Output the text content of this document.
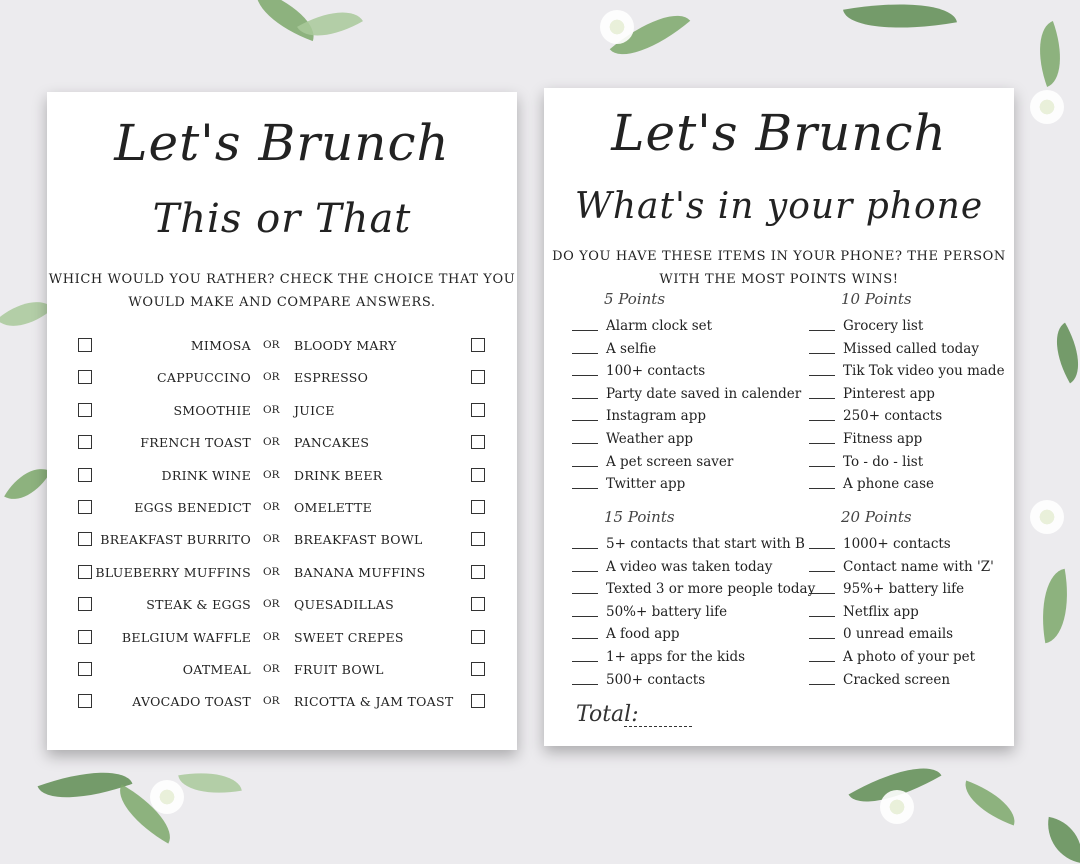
Let's Brunch
This or That
WHICH WOULD YOU RATHER? CHECK THE CHOICE THAT YOU
WOULD MAKE AND COMPARE ANSWERS.
MIMOSA OR BLOODY MARY
CAPPUCCINO OR ESPRESSO
SMOOTHIE OR JUICE
FRENCH TOAST OR PANCAKES
DRINK WINE OR DRINK BEER
EGGS BENEDICT OR OMELETTE
BREAKFAST BURRITO OR BREAKFAST BOWL
BLUEBERRY MUFFINS OR BANANA MUFFINS
STEAK & EGGS OR QUESADILLAS
BELGIUM WAFFLE OR SWEET CREPES
OATMEAL OR FRUIT BOWL
AVOCADO TOAST OR RICOTTA & JAM TOAST
Let's Brunch
What's in your phone
DO YOU HAVE THESE ITEMS IN YOUR PHONE? THE PERSON
WITH THE MOST POINTS WINS!
5 Points
Alarm clock set
A selfie
100+ contacts
Party date saved in calender
Instagram app
Weather app
A pet screen saver
Twitter app
10 Points
Grocery list
Missed called today
Tik Tok video you made
Pinterest app
250+ contacts
Fitness app
To - do - list
A phone case
15 Points
5+ contacts that start with B
A video was taken today
Texted 3 or more people today
50%+ battery life
A food app
1+ apps for the kids
500+ contacts
20 Points
1000+ contacts
Contact name with 'Z'
95%+ battery life
Netflix app
0 unread emails
A photo of your pet
Cracked screen
Total:
